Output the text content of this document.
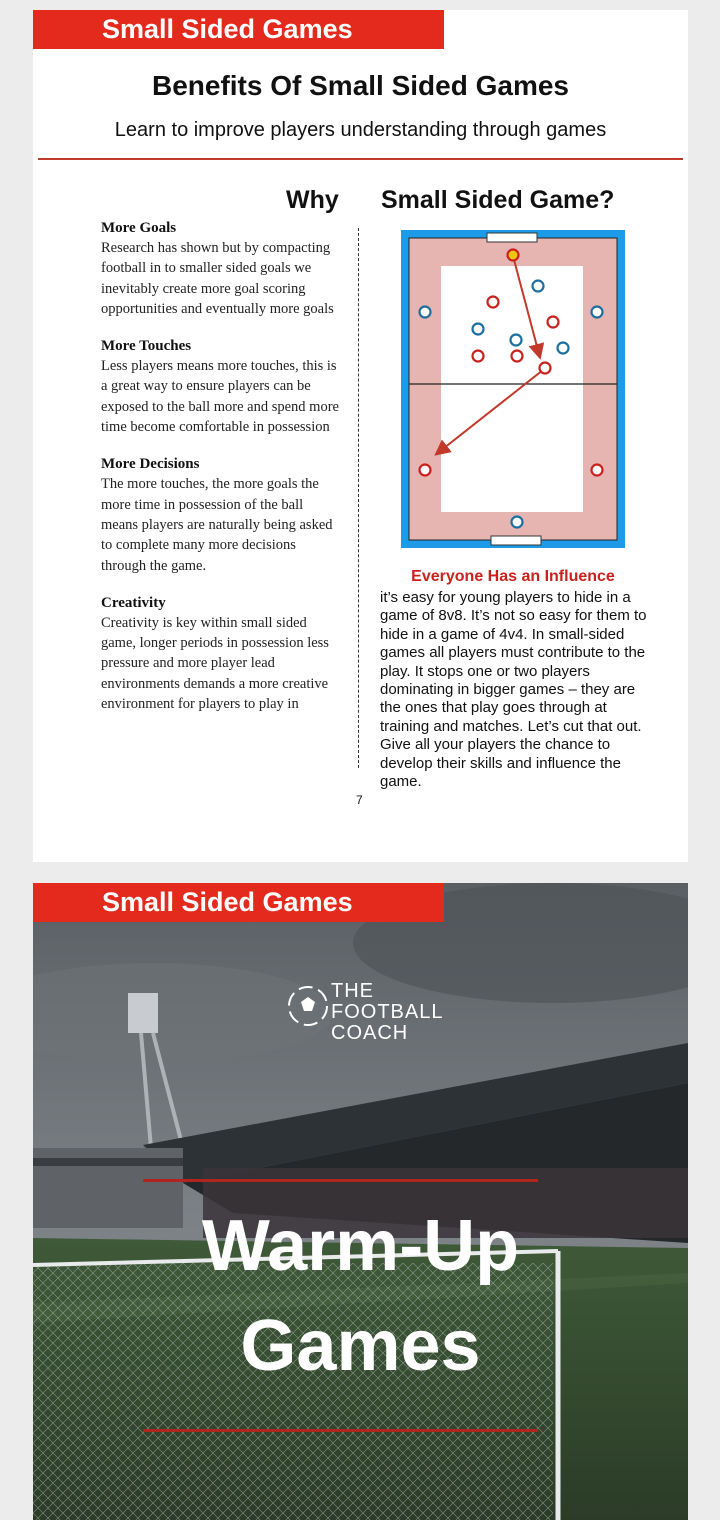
Small Sided Games
Benefits Of Small Sided Games
Learn to improve players understanding through games
Why Small Sided Game?
More Goals
Research has shown but by compacting football in to smaller sided goals we inevitably create more goal scoring opportunities and eventually more goals
More Touches
Less players means more touches, this is a great way to ensure players can be exposed to the ball more and spend more time become comfortable in possession
More Decisions
The more touches, the more goals the more time in possession of the ball means players are naturally being asked to complete many more decisions through the game.
Creativity
Creativity is key within small sided game, longer periods in possession less pressure and more player lead environments demands a more creative environment for players to play in
7
Everyone Has an Influence
it’s easy for young players to hide in a game of 8v8. It’s not so easy for them to hide in a game of 4v4. In small-sided games all players must contribute to the play. It stops one or two players dominating in bigger games – they are the ones that play goes through at training and matches. Let’s cut that out. Give all your players the chance to develop their skills and influence the game.
Small Sided Games
THE
FOOTBALL
COACH
Warm-Up
Games
